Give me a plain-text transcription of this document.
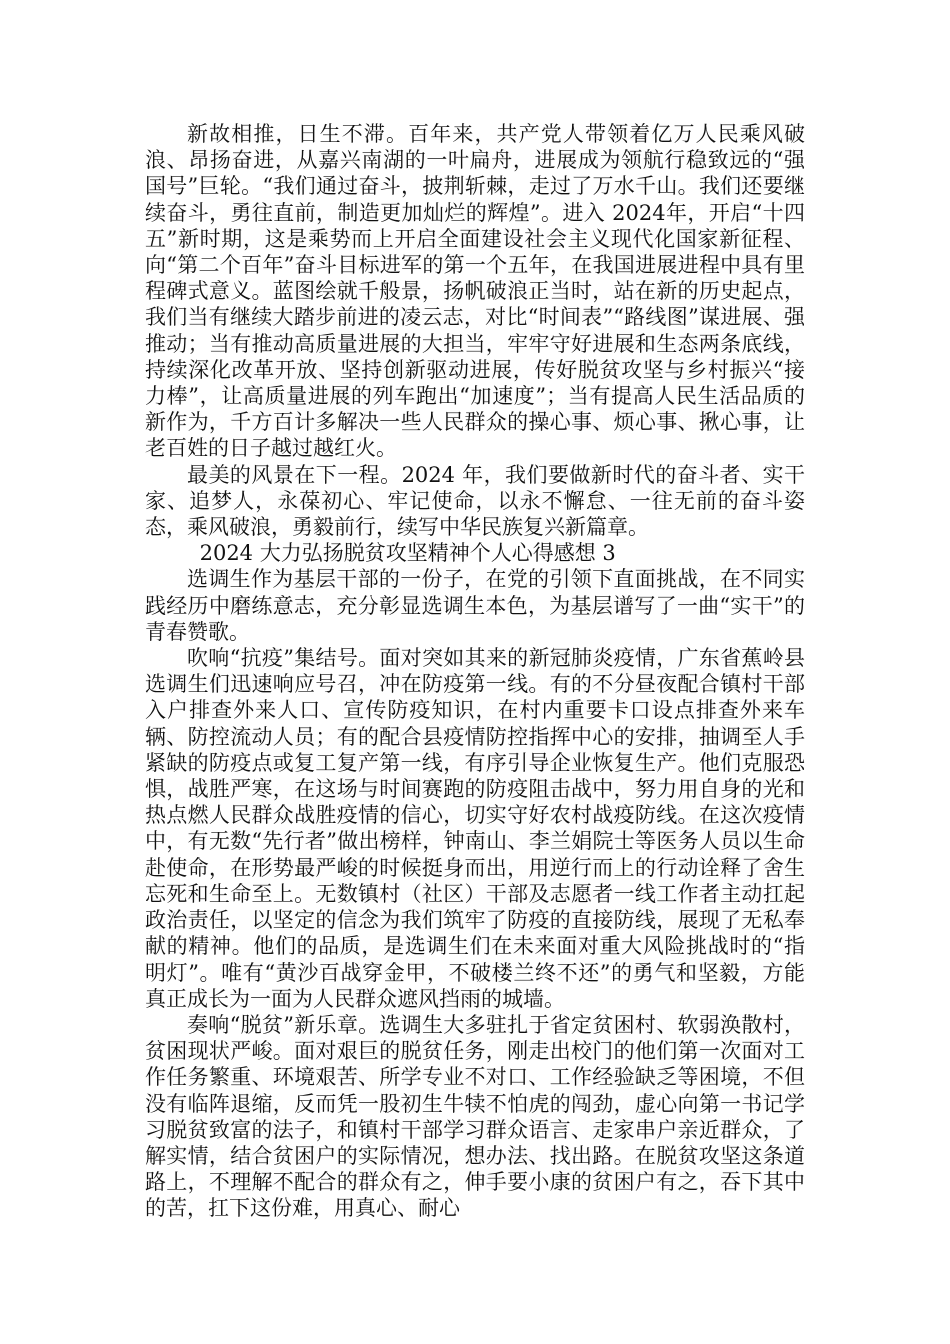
新故相推，日生不滞。百年来，共产党人带领着亿万人民乘风破浪、昂扬奋进，从嘉兴南湖的一叶扁舟，进展成为领航行稳致远的“强国号”巨轮。“我们通过奋斗，披荆斩棘，走过了万水千山。我们还要继续奋斗，勇往直前，制造更加灿烂的辉煌”。进入 2024年，开启“十四五”新时期，这是乘势而上开启全面建设社会主义现代化国家新征程、向“第二个百年”奋斗目标进军的第一个五年，在我国进展进程中具有里程碑式意义。蓝图绘就千般景，扬帆破浪正当时，站在新的历史起点，我们当有继续大踏步前进的凌云志，对比“时间表”“路线图”谋进展、强推动；当有推动高质量进展的大担当，牢牢守好进展和生态两条底线，持续深化改革开放、坚持创新驱动进展，传好脱贫攻坚与乡村振兴“接力棒”，让高质量进展的列车跑出“加速度”；当有提高人民生活品质的新作为，千方百计多解决一些人民群众的操心事、烦心事、揪心事，让老百姓的日子越过越红火。

最美的风景在下一程。2024 年，我们要做新时代的奋斗者、实干家、追梦人，永葆初心、牢记使命，以永不懈怠、一往无前的奋斗姿态，乘风破浪，勇毅前行，续写中华民族复兴新篇章。

2024 大力弘扬脱贫攻坚精神个人心得感想 3

选调生作为基层干部的一份子，在党的引领下直面挑战，在不同实践经历中磨练意志，充分彰显选调生本色，为基层谱写了一曲“实干”的青春赞歌。

吹响“抗疫”集结号。面对突如其来的新冠肺炎疫情，广东省蕉岭县选调生们迅速响应号召，冲在防疫第一线。有的不分昼夜配合镇村干部入户排查外来人口、宣传防疫知识，在村内重要卡口设点排查外来车辆、防控流动人员；有的配合县疫情防控指挥中心的安排，抽调至人手紧缺的防疫点或复工复产第一线，有序引导企业恢复生产。他们克服恐惧，战胜严寒，在这场与时间赛跑的防疫阻击战中，努力用自身的光和热点燃人民群众战胜疫情的信心，切实守好农村战疫防线。在这次疫情中，有无数“先行者”做出榜样，钟南山、李兰娟院士等医务人员以生命赴使命，在形势最严峻的时候挺身而出，用逆行而上的行动诠释了舍生忘死和生命至上。无数镇村（社区）干部及志愿者一线工作者主动扛起政治责任，以坚定的信念为我们筑牢了防疫的直接防线，展现了无私奉献的精神。他们的品质，是选调生们在未来面对重大风险挑战时的“指明灯”。唯有“黄沙百战穿金甲，不破楼兰终不还”的勇气和坚毅，方能真正成长为一面为人民群众遮风挡雨的城墙。

奏响“脱贫”新乐章。选调生大多驻扎于省定贫困村、软弱涣散村，贫困现状严峻。面对艰巨的脱贫任务，刚走出校门的他们第一次面对工作任务繁重、环境艰苦、所学专业不对口、工作经验缺乏等困境，不但没有临阵退缩，反而凭一股初生牛犊不怕虎的闯劲，虚心向第一书记学习脱贫致富的法子，和镇村干部学习群众语言、走家串户亲近群众，了解实情，结合贫困户的实际情况，想办法、找出路。在脱贫攻坚这条道路上，不理解不配合的群众有之，伸手要小康的贫困户有之，吞下其中的苦，扛下这份难，用真心、耐心
